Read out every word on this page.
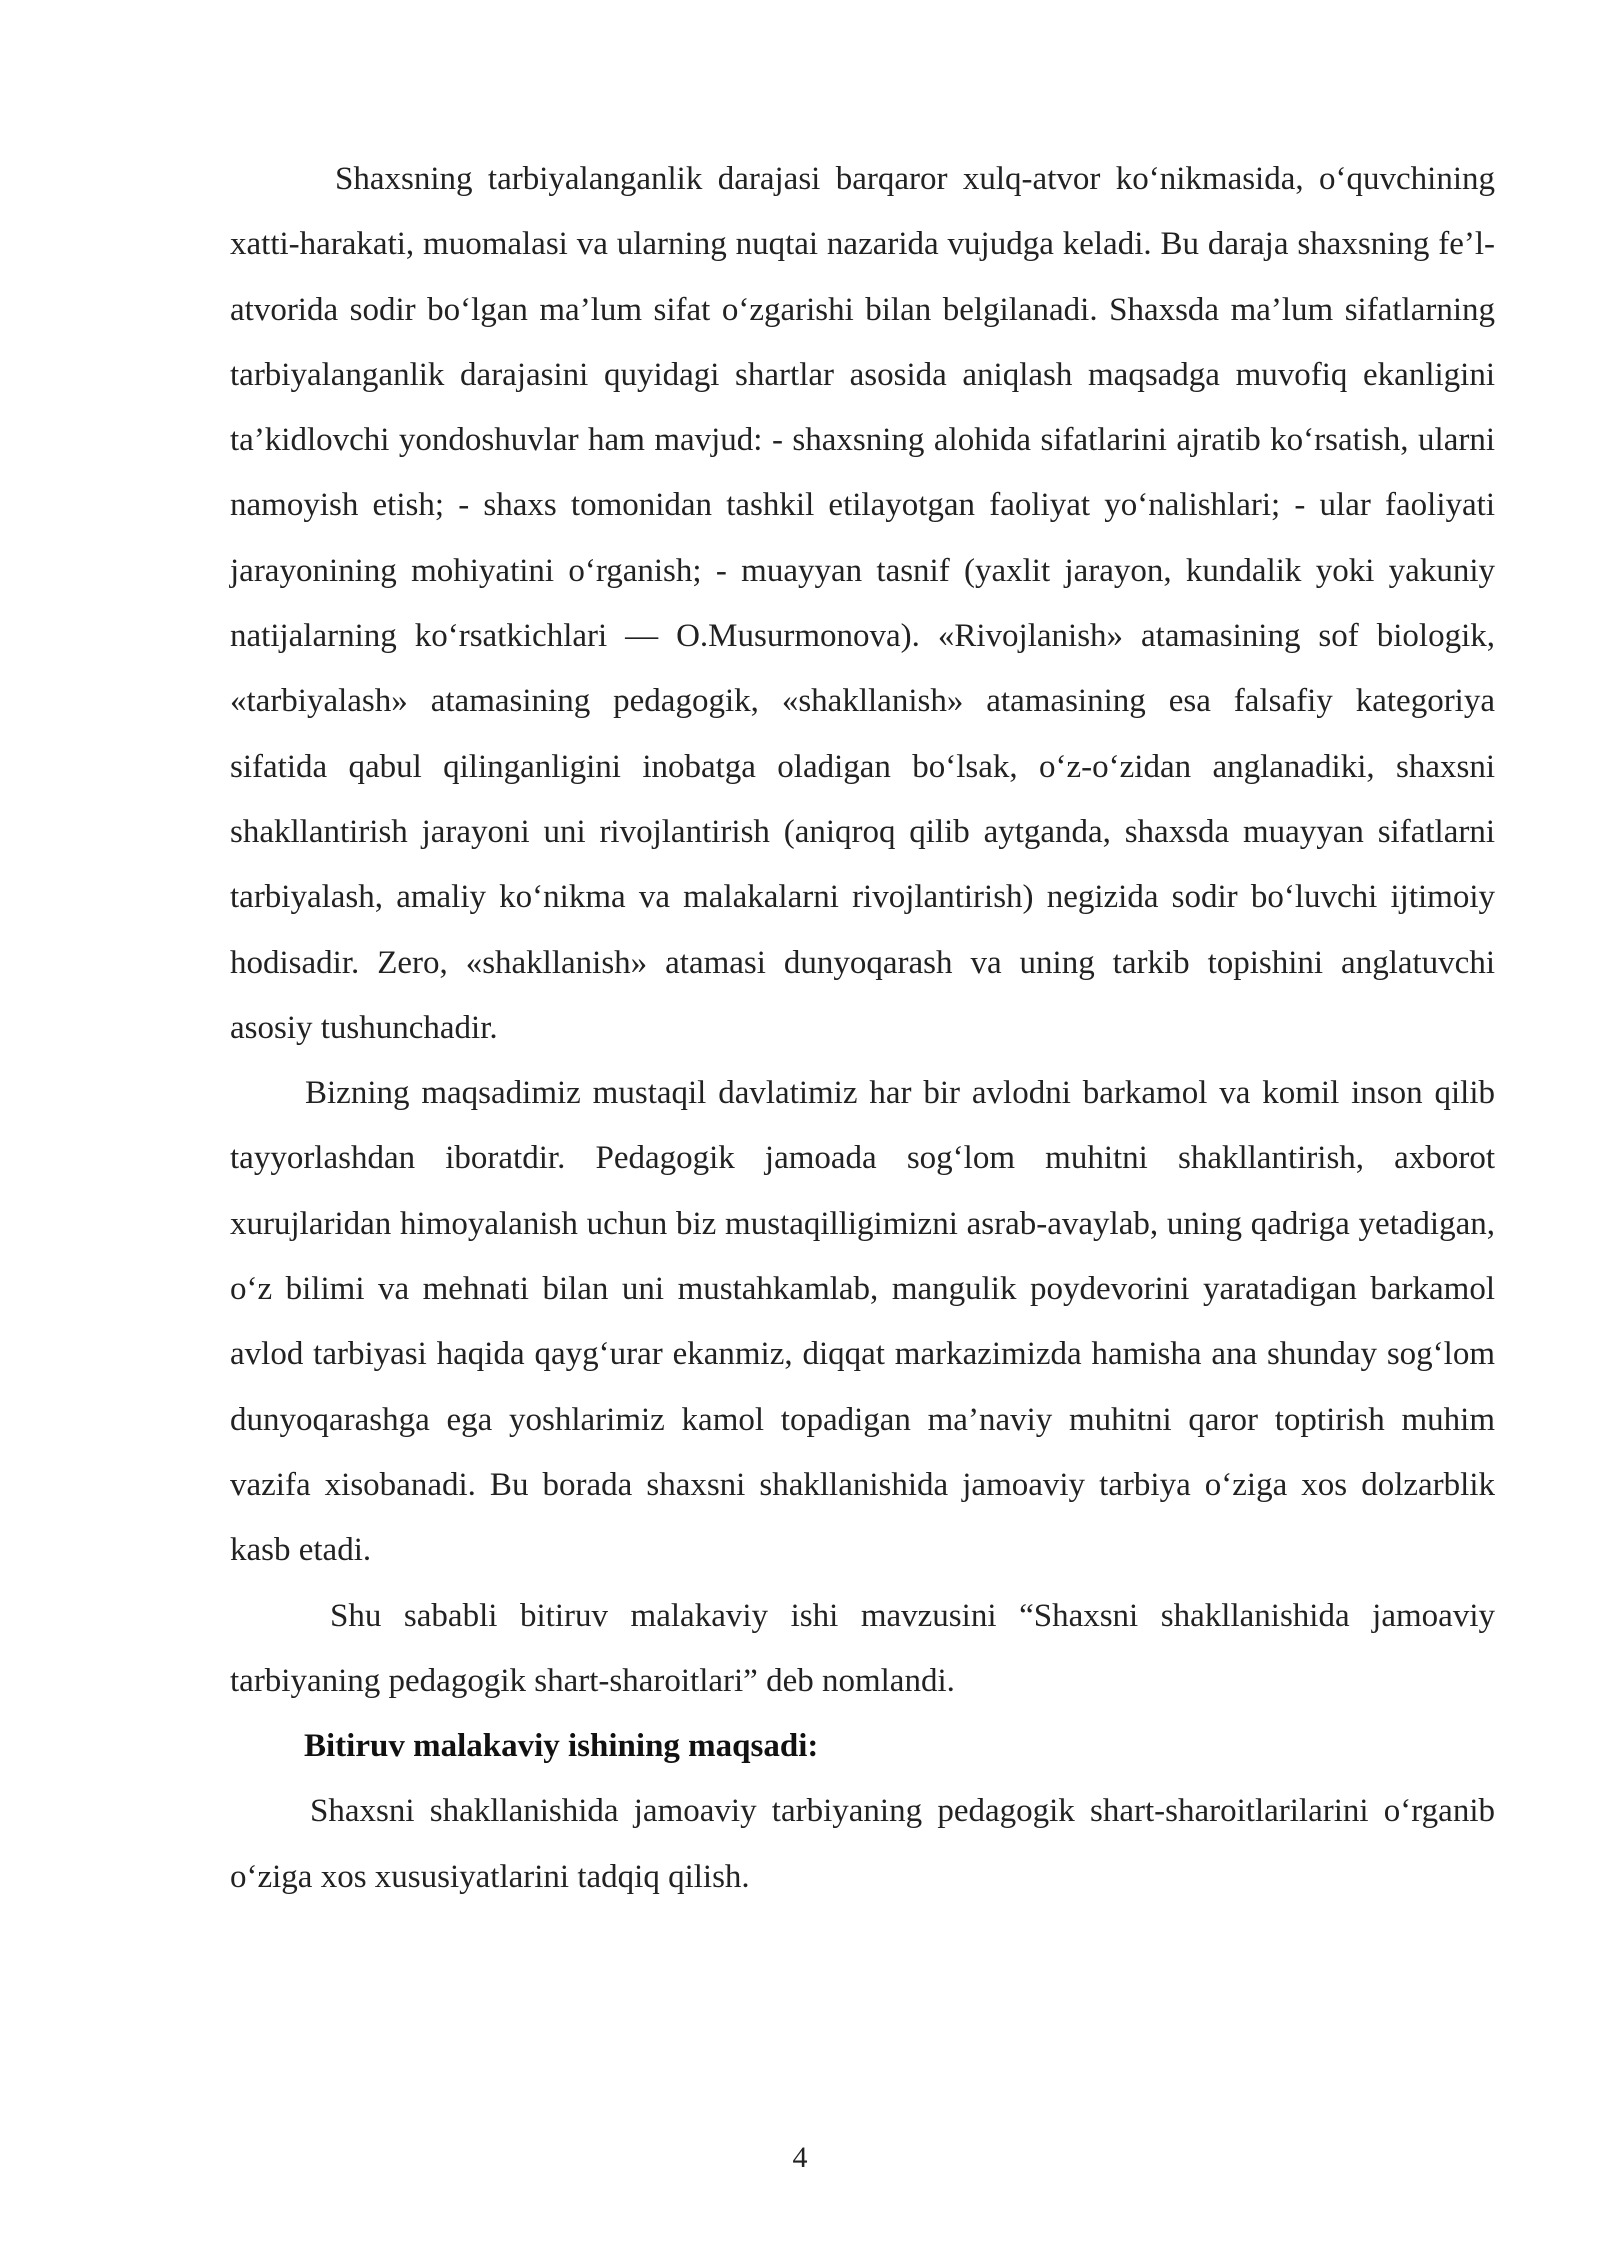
Shaxsning tarbiyalanganlik darajasi barqaror xulq-atvor ko‘nikmasida, o‘quvchining xatti-harakati, muomalasi va ularning nuqtai nazarida vujudga keladi. Bu daraja shaxsning fe’l-atvorida sodir bo‘lgan ma’lum sifat o‘zgarishi bilan belgilanadi. Shaxsda ma’lum sifatlarning tarbiyalanganlik darajasini quyidagi shartlar asosida aniqlash maqsadga muvofiq ekanligini ta’kidlovchi yondoshuvlar ham mavjud: - shaxsning alohida sifatlarini ajratib ko‘rsatish, ularni namoyish etish; - shaxs tomonidan tashkil etilayotgan faoliyat yo‘nalishlari; - ular faoliyati jarayonining mohiyatini o‘rganish; - muayyan tasnif (yaxlit jarayon, kundalik yoki yakuniy natijalarning ko‘rsatkichlari — O.Musurmonova). «Rivojlanish» atamasining sof biologik, «tarbiyalash» atamasining pedagogik, «shakllanish» atamasining esa falsafiy kategoriya sifatida qabul qilinganligini inobatga oladigan bo‘lsak, o‘z-o‘zidan anglanadiki, shaxsni shakllantirish jarayoni uni rivojlantirish (aniqroq qilib aytganda, shaxsda muayyan sifatlarni tarbiyalash, amaliy ko‘nikma va malakalarni rivojlantirish) negizida sodir bo‘luvchi ijtimoiy hodisadir. Zero, «shakllanish» atamasi dunyoqarash va uning tarkib topishini anglatuvchi asosiy tushunchadir.

Bizning maqsadimiz mustaqil davlatimiz har bir avlodni barkamol va komil inson qilib tayyorlashdan iboratdir. Pedagogik jamoada sog‘lom muhitni shakllantirish, axborot xurujlaridan himoyalanish uchun biz mustaqilligimizni asrab-avaylab, uning qadriga yetadigan, o‘z bilimi va mehnati bilan uni mustahkamlab, mangulik poydevorini yaratadigan barkamol avlod tarbiyasi haqida qayg‘urar ekanmiz, diqqat markazimizda hamisha ana shunday sog‘lom dunyoqarashga ega yoshlarimiz kamol topadigan ma’naviy muhitni qaror toptirish muhim vazifa xisobanadi. Bu borada shaxsni shakllanishida jamoaviy tarbiya o‘ziga xos dolzarblik kasb etadi.

Shu sababli bitiruv malakaviy ishi mavzusini “Shaxsni shakllanishida jamoaviy tarbiyaning pedagogik shart-sharoitlari” deb nomlandi.

Bitiruv malakaviy ishining maqsadi:

Shaxsni shakllanishida jamoaviy tarbiyaning pedagogik shart-sharoitlarilarini o‘rganib o‘ziga xos xususiyatlarini tadqiq qilish.

4
